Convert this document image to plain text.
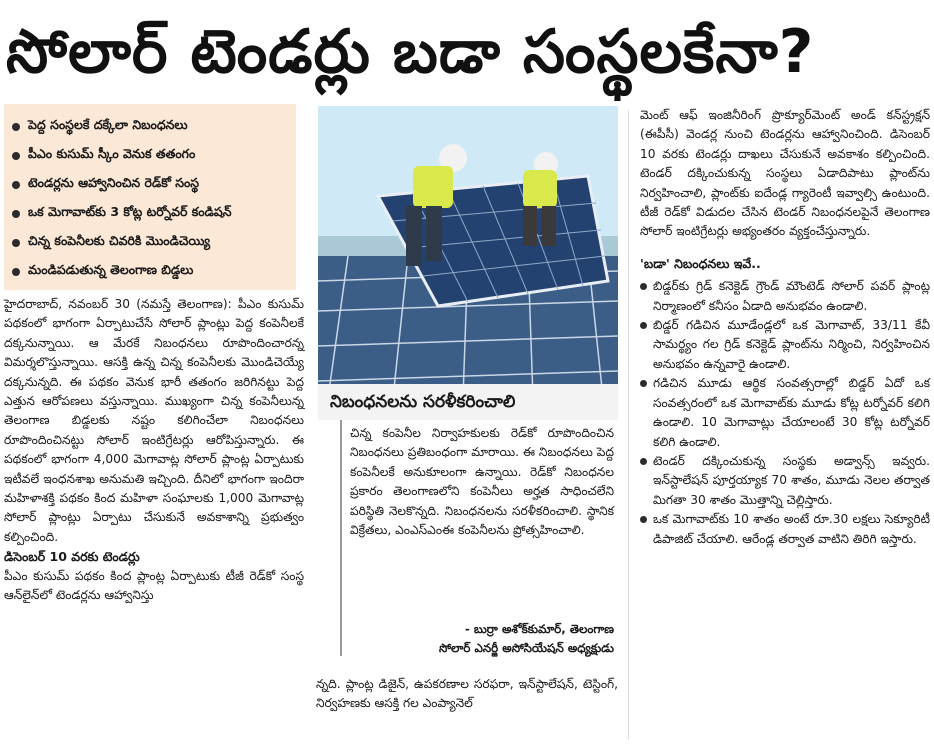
సోలార్ టెండర్లు బడా సంస్థలకేనా?
పెద్ద సంస్థలకే దక్కేలా నిబంధనలు
పీఎం కుసుమ్ స్కీం వెనుక తతంగం
టెండర్లను ఆహ్వానించిన రెడ్‌కో సంస్థ
ఒక మెగావాట్‌కు 3 కోట్ల టర్నోవర్ కండిషన్
చిన్న కంపెనీలకు చివరికి మొండిచెయ్యి
మండిపడుతున్న తెలంగాణ బిడ్డలు

హైదరాబాద్, నవంబర్ 30 (నమస్తే తెలంగాణ): పీఎం కుసుమ్ పథకంలో భాగంగా ఏర్పాటుచేసే సోలార్ ప్లాంట్లు పెద్ద కంపెనీలకే దక్కనున్నాయి. ఆ మేరకే నిబంధనలు రూపొందించారన్న విమర్శలొస్తున్నాయి. ఆసక్తి ఉన్న చిన్న కంపెనీలకు మొండిచెయ్యే దక్కనున్నది. ఈ పథకం వెనుక భారీ తతంగం జరిగినట్టు పెద్ద ఎత్తున ఆరోపణలు వస్తున్నాయి. ముఖ్యంగా చిన్న కంపెనీలున్న తెలంగాణ బిడ్డలకు నష్టం కలిగించేలా నిబంధనలు రూపొందించినట్టు సోలార్ ఇంటిగ్రేటర్లు ఆరోపిస్తున్నారు. ఈ పథకంలో భాగంగా 4,000 మెగావాట్ల సోలార్ ప్లాంట్ల ఏర్పాటుకు ఇటీవలే ఇంధనశాఖ అనుమతి ఇచ్చింది. దీనిలో భాగంగా ఇందిరా మహిళాశక్తి పథకం కింద మహిళా సంఘాలకు 1,000 మెగావాట్ల సోలార్ ప్లాంట్లు ఏర్పాటు చేసుకునే అవకాశాన్ని ప్రభుత్వం కల్పించింది.

డిసెంబర్ 10 వరకు టెండర్లు

పీఎం కుసుమ్ పథకం కింద ప్లాంట్ల ఏర్పాటుకు టీజీ రెడ్‌కో సంస్థ ఆన్‌లైన్‌లో టెండర్లను ఆహ్వానిస్తు

నిబంధనలను సరళీకరించాలి
చిన్న కంపెనీల నిర్వాహకులకు రెడ్‌కో రూపొందించిన నిబంధనలు ప్రతిబంధంగా మారాయి. ఈ నిబంధనలు పెద్ద కంపెనీలకే అనుకూలంగా ఉన్నాయి. రెడ్‌కో నిబంధనల ప్రకారం తెలంగాణలోని కంపెనీలు అర్హత సాధించలేని పరిస్థితి నెలకొన్నది. నిబంధనలను సరళీకరించాలి. స్థానిక విక్రేతలు, ఎంఎస్ఎంఈ కంపెనీలను ప్రోత్సహించాలి.
- బుర్రా అశోక్‌కుమార్, తెలంగాణ
సోలార్ ఎనర్జీ అసోసియేషన్ అధ్యక్షుడు
న్నది. ప్లాంట్ల డిజైన్, ఉపకరణాల సరఫరా, ఇన్‌స్టాలేషన్, టెస్టింగ్, నిర్వహణకు ఆసక్తి గల ఎంప్యానెల్

మెంట్ ఆఫ్ ఇంజినీరింగ్ ప్రొక్యూర్‌మెంట్ అండ్ కన్‌స్ట్రక్షన్ (ఈపీసీ) వెండర్ల నుంచి టెండర్లను ఆహ్వానించింది. డిసెంబర్ 10 వరకు టెండర్లు దాఖలు చేసుకునే అవకాశం కల్పించింది. టెండర్ దక్కించుకున్న సంస్థలు ఏడాదిపాటు ప్లాంట్‌ను నిర్వహించాలి, ప్లాంట్‌కు ఐదేండ్ల గ్యారెంటీ ఇవ్వాల్సి ఉంటుంది. టీజీ రెడ్‌కో విడుదల చేసిన టెండర్ నిబంధనలపైనే తెలంగాణ సోలార్ ఇంటిగ్రేటర్లు అభ్యంతరం వ్యక్తంచేస్తున్నారు.

'బడా' నిబంధనలు ఇవే..

బిడ్డర్‌కు గ్రిడ్ కనెక్టెడ్ గ్రౌండ్ మౌంటెడ్ సోలార్ పవర్ ప్లాంట్ల నిర్మాణంలో కనీసం ఏడాది అనుభవం ఉండాలి.
బిడ్డర్ గడిచిన మూడేండ్లలో ఒక మెగావాట్, 33/11 కేవీ సామర్థ్యం గల గ్రిడ్ కనెక్టెడ్ ప్లాంట్‌ను నిర్మించి, నిర్వహించిన అనుభవం ఉన్నవారై ఉండాలి.
గడిచిన మూడు ఆర్థిక సంవత్సరాల్లో బిడ్డర్ ఏదో ఒక సంవత్సరంలో ఒక మెగావాట్‌కు మూడు కోట్ల టర్నోవర్ కలిగి ఉండాలి. 10 మెగావాట్లు చేయాలంటే 30 కోట్ల టర్నోవర్ కలిగి ఉండాలి.
టెండర్ దక్కించుకున్న సంస్థకు అడ్వాన్స్ ఇవ్వరు. ఇన్‌స్టాలేషన్ పూర్తయ్యాక 70 శాతం, మూడు నెలల తర్వాత మిగతా 30 శాతం మొత్తాన్ని చెల్లిస్తారు.
ఒక మెగావాట్‌కు 10 శాతం అంటే రూ.30 లక్షలు సెక్యూరిటీ డిపాజిట్ చేయాలి. ఆరేండ్ల తర్వాత వాటిని తిరిగి ఇస్తారు.
